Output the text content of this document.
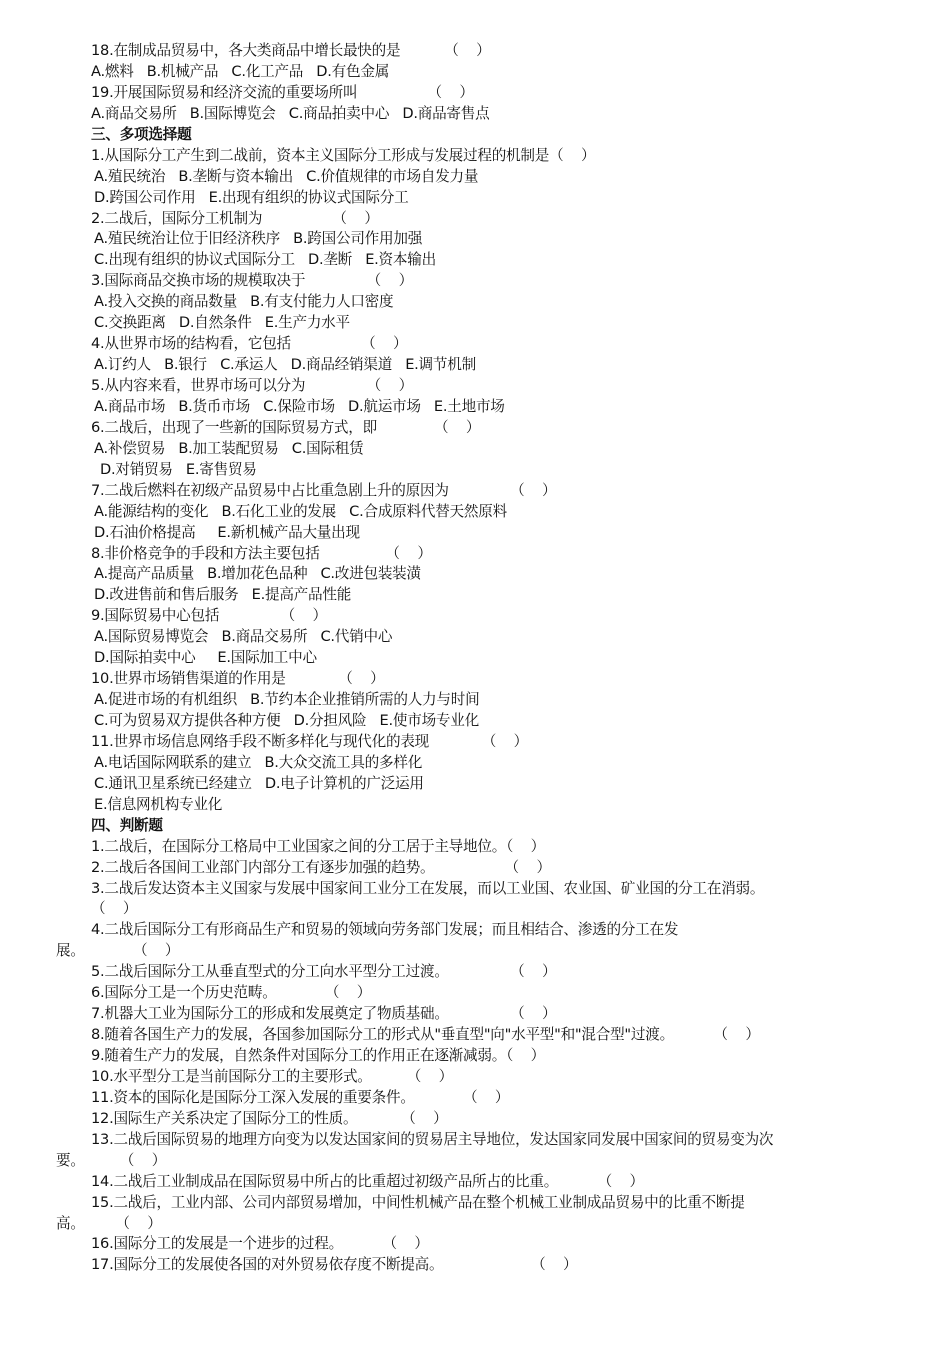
18.在制成品贸易中，各大类商品中增长最快的是          （    ）
A.燃料   B.机械产品   C.化工产品   D.有色金属
19.开展国际贸易和经济交流的重要场所叫                （    ）
A.商品交易所   B.国际博览会   C.商品拍卖中心   D.商品寄售点
三、多项选择题
1.从国际分工产生到二战前，资本主义国际分工形成与发展过程的机制是（    ）
A.殖民统治   B.垄断与资本输出   C.价值规律的市场自发力量
D.跨国公司作用   E.出现有组织的协议式国际分工
2.二战后，国际分工机制为                （    ）
A.殖民统治让位于旧经济秩序   B.跨国公司作用加强
C.出现有组织的协议式国际分工   D.垄断   E.资本输出
3.国际商品交换市场的规模取决于              （    ）
A.投入交换的商品数量   B.有支付能力人口密度
C.交换距离   D.自然条件   E.生产力水平
4.从世界市场的结构看，它包括                （    ）
A.订约人   B.银行   C.承运人   D.商品经销渠道   E.调节机制
5.从内容来看，世界市场可以分为              （    ）
A.商品市场   B.货币市场   C.保险市场   D.航运市场   E.土地市场
6.二战后，出现了一些新的国际贸易方式，即             （    ）
A.补偿贸易   B.加工装配贸易   C.国际租赁
D.对销贸易   E.寄售贸易
7.二战后燃料在初级产品贸易中占比重急剧上升的原因为              （    ）
A.能源结构的变化   B.石化工业的发展   C.合成原料代替天然原料
D.石油价格提高     E.新机械产品大量出现
8.非价格竞争的手段和方法主要包括               （    ）
A.提高产品质量   B.增加花色品种   C.改进包装装潢
D.改进售前和售后服务   E.提高产品性能
9.国际贸易中心包括              （    ）
A.国际贸易博览会   B.商品交易所   C.代销中心
D.国际拍卖中心     E.国际加工中心
10.世界市场销售渠道的作用是            （    ）
A.促进市场的有机组织   B.节约本企业推销所需的人力与时间
C.可为贸易双方提供各种方便   D.分担风险   E.使市场专业化
11.世界市场信息网络手段不断多样化与现代化的表现            （    ）
A.电话国际网联系的建立   B.大众交流工具的多样化
C.通讯卫星系统已经建立   D.电子计算机的广泛运用
E.信息网机构专业化
四、判断题
1.二战后，在国际分工格局中工业国家之间的分工居于主导地位。（    ）
2.二战后各国间工业部门内部分工有逐步加强的趋势。                （    ）
3.二战后发达资本主义国家与发展中国家间工业分工在发展，而以工业国、农业国、矿业国的分工在消弱。
（    ）
4.二战后国际分工有形商品生产和贸易的领域向劳务部门发展；而且相结合、渗透的分工在发
展。           （    ）
5.二战后国际分工从垂直型式的分工向水平型分工过渡。              （    ）
6.国际分工是一个历史范畴。           （    ）
7.机器大工业为国际分工的形成和发展奠定了物质基础。              （    ）
8.随着各国生产力的发展，各国参加国际分工的形式从"垂直型"向"水平型"和"混合型"过渡。         （    ）
9.随着生产力的发展，自然条件对国际分工的作用正在逐渐减弱。（    ）
10.水平型分工是当前国际分工的主要形式。        （    ）
11.资本的国际化是国际分工深入发展的重要条件。           （    ）
12.国际生产关系决定了国际分工的性质。          （    ）
13.二战后国际贸易的地理方向变为以发达国家间的贸易居主导地位，发达国家同发展中国家间的贸易变为次
要。        （    ）
14.二战后工业制成品在国际贸易中所占的比重超过初级产品所占的比重。         （    ）
15.二战后，工业内部、公司内部贸易增加，中间性机械产品在整个机械工业制成品贸易中的比重不断提
高。       （    ）
16.国际分工的发展是一个进步的过程。         （    ）
17.国际分工的发展使各国的对外贸易依存度不断提高。                    （    ）
